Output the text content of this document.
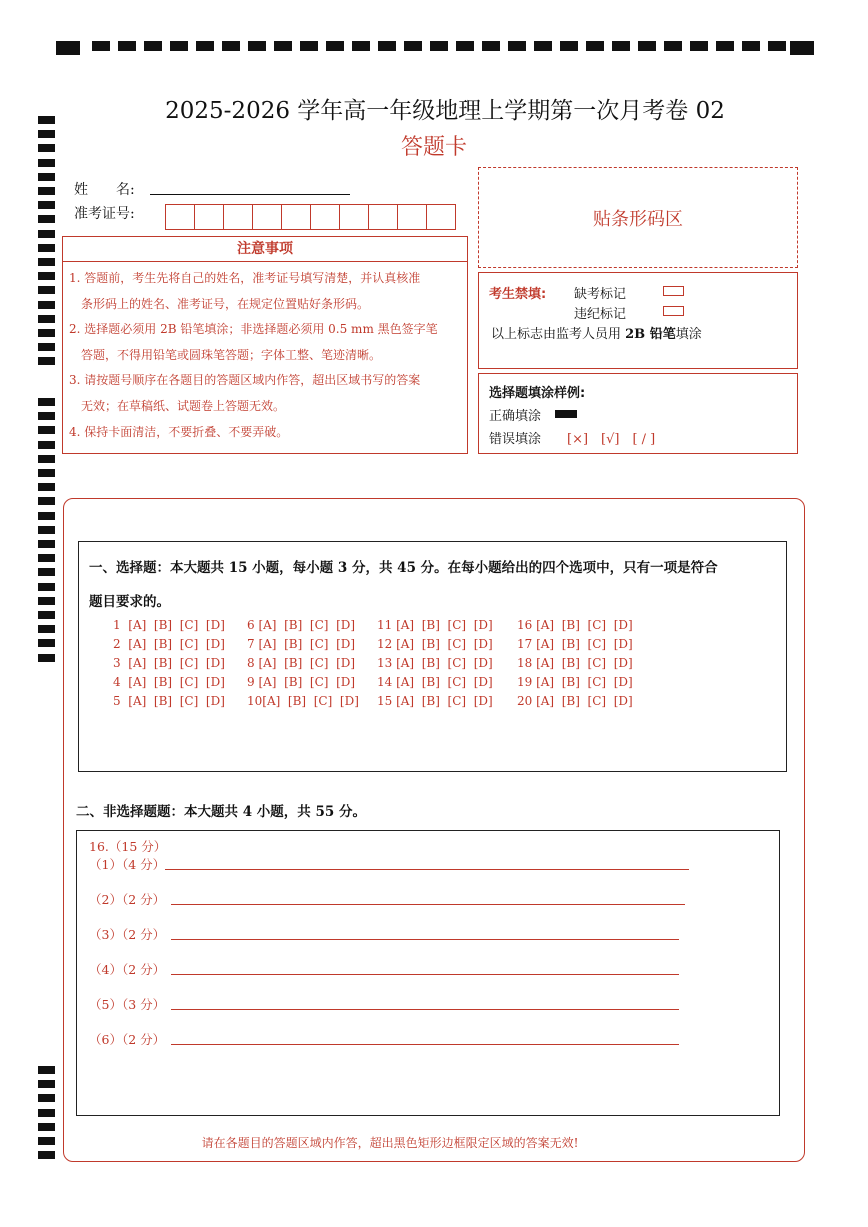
2025-2026 学年高一年级地理上学期第一次月考卷 02
答题卡
姓　　名:
准考证号:
注意事项

1. 答题前，考生先将自己的姓名，准考证号填写清楚，并认真核准

　条形码上的姓名、准考证号，在规定位置贴好条形码。

2. 选择题必须用 2B 铅笔填涂；非选择题必须用 0.5 mm 黑色签字笔

　答题，不得用铅笔或圆珠笔答题；字体工整、笔迹清晰。

3. 请按题号顺序在各题目的答题区域内作答，超出区域书写的答案

　无效；在草稿纸、试题卷上答题无效。

4. 保持卡面清洁，不要折叠、不要弄破。

贴条形码区
考生禁填: 缺考标记
违纪标记
以上标志由监考人员用 2B 铅笔填涂
选择题填涂样例:
正确填涂
错误填涂 [×]　[√]　[ / ]
一、选择题：本大题共 15 小题，每小题 3 分，共 45 分。在每小题给出的四个选项中，只有一项是符合
题目要求的。
1  [A]  [B]  [C]  [D]
2  [A]  [B]  [C]  [D]
3  [A]  [B]  [C]  [D]
4  [A]  [B]  [C]  [D]
5  [A]  [B]  [C]  [D]
6 [A]  [B]  [C]  [D]
7 [A]  [B]  [C]  [D]
8 [A]  [B]  [C]  [D]
9 [A]  [B]  [C]  [D]
10[A]  [B]  [C]  [D]
11 [A]  [B]  [C]  [D]
12 [A]  [B]  [C]  [D]
13 [A]  [B]  [C]  [D]
14 [A]  [B]  [C]  [D]
15 [A]  [B]  [C]  [D]
16 [A]  [B]  [C]  [D]
17 [A]  [B]  [C]  [D]
18 [A]  [B]  [C]  [D]
19 [A]  [B]  [C]  [D]
20 [A]  [B]  [C]  [D]
二、非选择题题：本大题共 4 小题，共 55 分。
16.（15 分）
（1）（4 分）
（2）（2 分）
（3）（2 分）
（4）（2 分）
（5）（3 分）
（6）（2 分）
请在各题目的答题区域内作答，超出黑色矩形边框限定区域的答案无效!
